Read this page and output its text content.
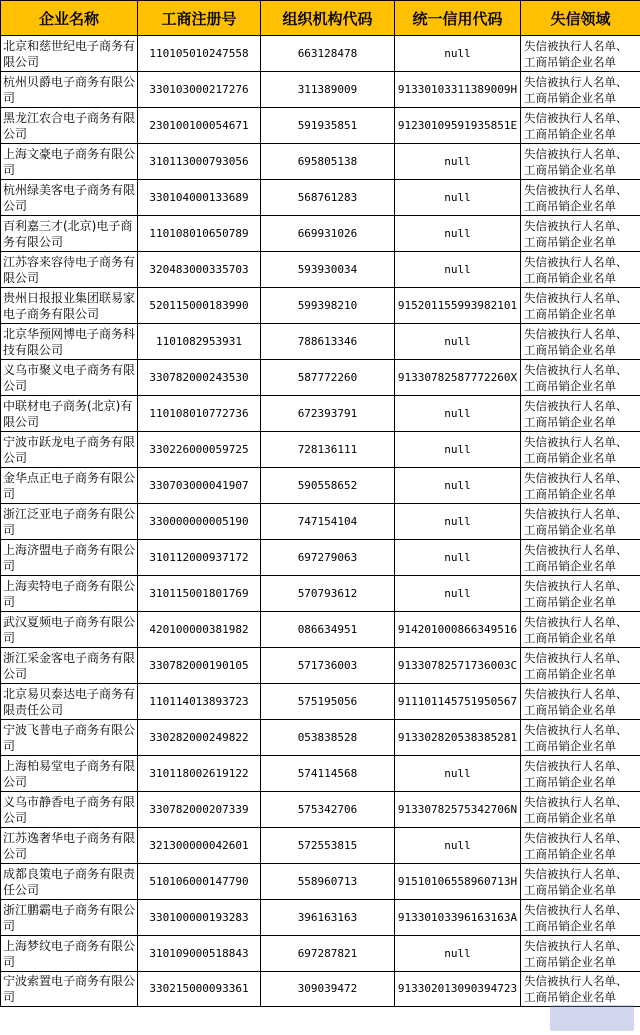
企业名称	工商注册号	组织机构代码	统一信用代码	失信领域
北京和慈世纪电子商务有限公司	110105010247558	663128478	null	失信被执行人名单、工商吊销企业名单
杭州贝爵电子商务有限公司	330103000217276	311389009	91330103311389009H	失信被执行人名单、工商吊销企业名单
黑龙江农合电子商务有限公司	230100100054671	591935851	91230109591935851E	失信被执行人名单、工商吊销企业名单
上海文豪电子商务有限公司	310113000793056	695805138	null	失信被执行人名单、工商吊销企业名单
杭州绿美客电子商务有限公司	330104000133689	568761283	null	失信被执行人名单、工商吊销企业名单
百利嘉三才(北京)电子商务有限公司	110108010650789	669931026	null	失信被执行人名单、工商吊销企业名单
江苏容来容待电子商务有限公司	320483000335703	593930034	null	失信被执行人名单、工商吊销企业名单
贵州日报报业集团联易家电子商务有限公司	520115000183990	599398210	915201155993982101	失信被执行人名单、工商吊销企业名单
北京华预网博电子商务科技有限公司	1101082953931	788613346	null	失信被执行人名单、工商吊销企业名单
义乌市聚义电子商务有限公司	330782000243530	587772260	91330782587772260X	失信被执行人名单、工商吊销企业名单
中联材电子商务(北京)有限公司	110108010772736	672393791	null	失信被执行人名单、工商吊销企业名单
宁波市跃龙电子商务有限公司	330226000059725	728136111	null	失信被执行人名单、工商吊销企业名单
金华点正电子商务有限公司	330703000041907	590558652	null	失信被执行人名单、工商吊销企业名单
浙江泛亚电子商务有限公司	330000000005190	747154104	null	失信被执行人名单、工商吊销企业名单
上海济盟电子商务有限公司	310112000937172	697279063	null	失信被执行人名单、工商吊销企业名单
上海卖特电子商务有限公司	310115001801769	570793612	null	失信被执行人名单、工商吊销企业名单
武汉夏频电子商务有限公司	420100000381982	086634951	914201000866349516	失信被执行人名单、工商吊销企业名单
浙江采金客电子商务有限公司	330782000190105	571736003	91330782571736003C	失信被执行人名单、工商吊销企业名单
北京易贝泰达电子商务有限责任公司	110114013893723	575195056	911101145751950567	失信被执行人名单、工商吊销企业名单
宁波飞普电子商务有限公司	330282000249822	053838528	913302820538385281	失信被执行人名单、工商吊销企业名单
上海柏易堂电子商务有限公司	310118002619122	574114568	null	失信被执行人名单、工商吊销企业名单
义乌市静香电子商务有限公司	330782000207339	575342706	91330782575342706N	失信被执行人名单、工商吊销企业名单
江苏逸奢华电子商务有限公司	321300000042601	572553815	null	失信被执行人名单、工商吊销企业名单
成都良策电子商务有限责任公司	510106000147790	558960713	91510106558960713H	失信被执行人名单、工商吊销企业名单
浙江鹏霸电子商务有限公司	330100000193283	396163163	91330103396163163A	失信被执行人名单、工商吊销企业名单
上海梦纹电子商务有限公司	310109000518843	697287821	null	失信被执行人名单、工商吊销企业名单
宁波索置电子商务有限公司	330215000093361	309039472	913302013090394723	失信被执行人名单、工商吊销企业名单
